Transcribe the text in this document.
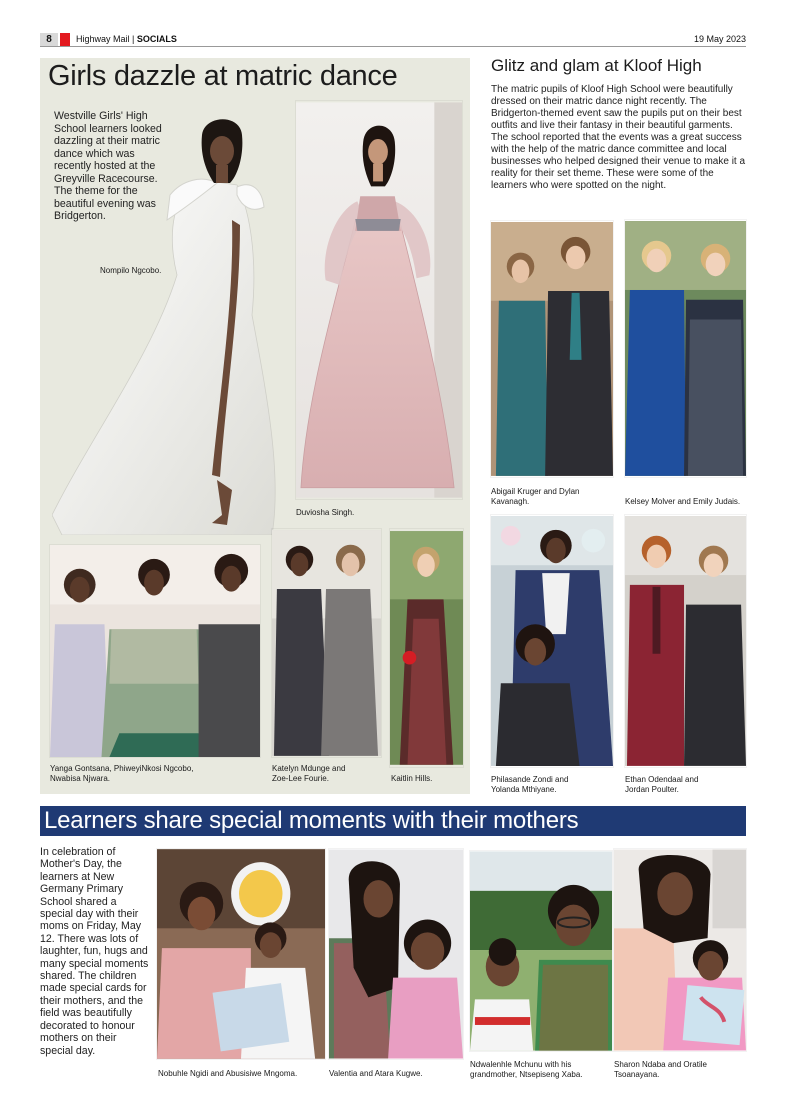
8	Highway Mail | SOCIALS	19 May 2023
Girls dazzle at matric dance
Westville Girls' High School learners looked dazzling at their matric dance which was recently hosted at the Greyville Racecourse. The theme for the beautiful evening was Bridgerton.
Nompilo Ngcobo.
Duviosha Singh.
Yanga Gontsana, PhiweyiNkosi Ngcobo,
Nwabisa Njwara.
Katelyn Mdunge and
Zoe-Lee Fourie.	Kaitlin Hills.
Glitz and glam at Kloof High
The matric pupils of Kloof High School were beautifully dressed on their matric dance night recently. The Bridgerton-themed event saw the pupils put on their best outfits and live their fantasy in their beautiful garments. The school reported that the events was a great success with the help of the matric dance committee and local businesses who helped designed their venue to make it a reality for their set theme. These were some of the learners who were spotted on the night.
Abigail Kruger and Dylan
Kavanagh.	Kelsey Molver and Emily Judais.
Philasande Zondi and
Yolanda Mthiyane.
Ethan Odendaal and
Jordan Poulter.
Learners share special moments with their mothers
In celebration of Mother's Day, the learners at New Germany Primary School shared a special day with their moms on Friday, May 12. There was lots of laughter, fun, hugs and many special moments shared. The children made special cards for their mothers, and the field was beautifully decorated to honour mothers on their special day.
Nobuhle Ngidi and Abusisiwe Mngoma.	Valentia and Atara Kugwe.
Ndwalenhle Mchunu with his
grandmother, Ntsepiseng Xaba.
Sharon Ndaba and Oratile
Tsoanayana.
